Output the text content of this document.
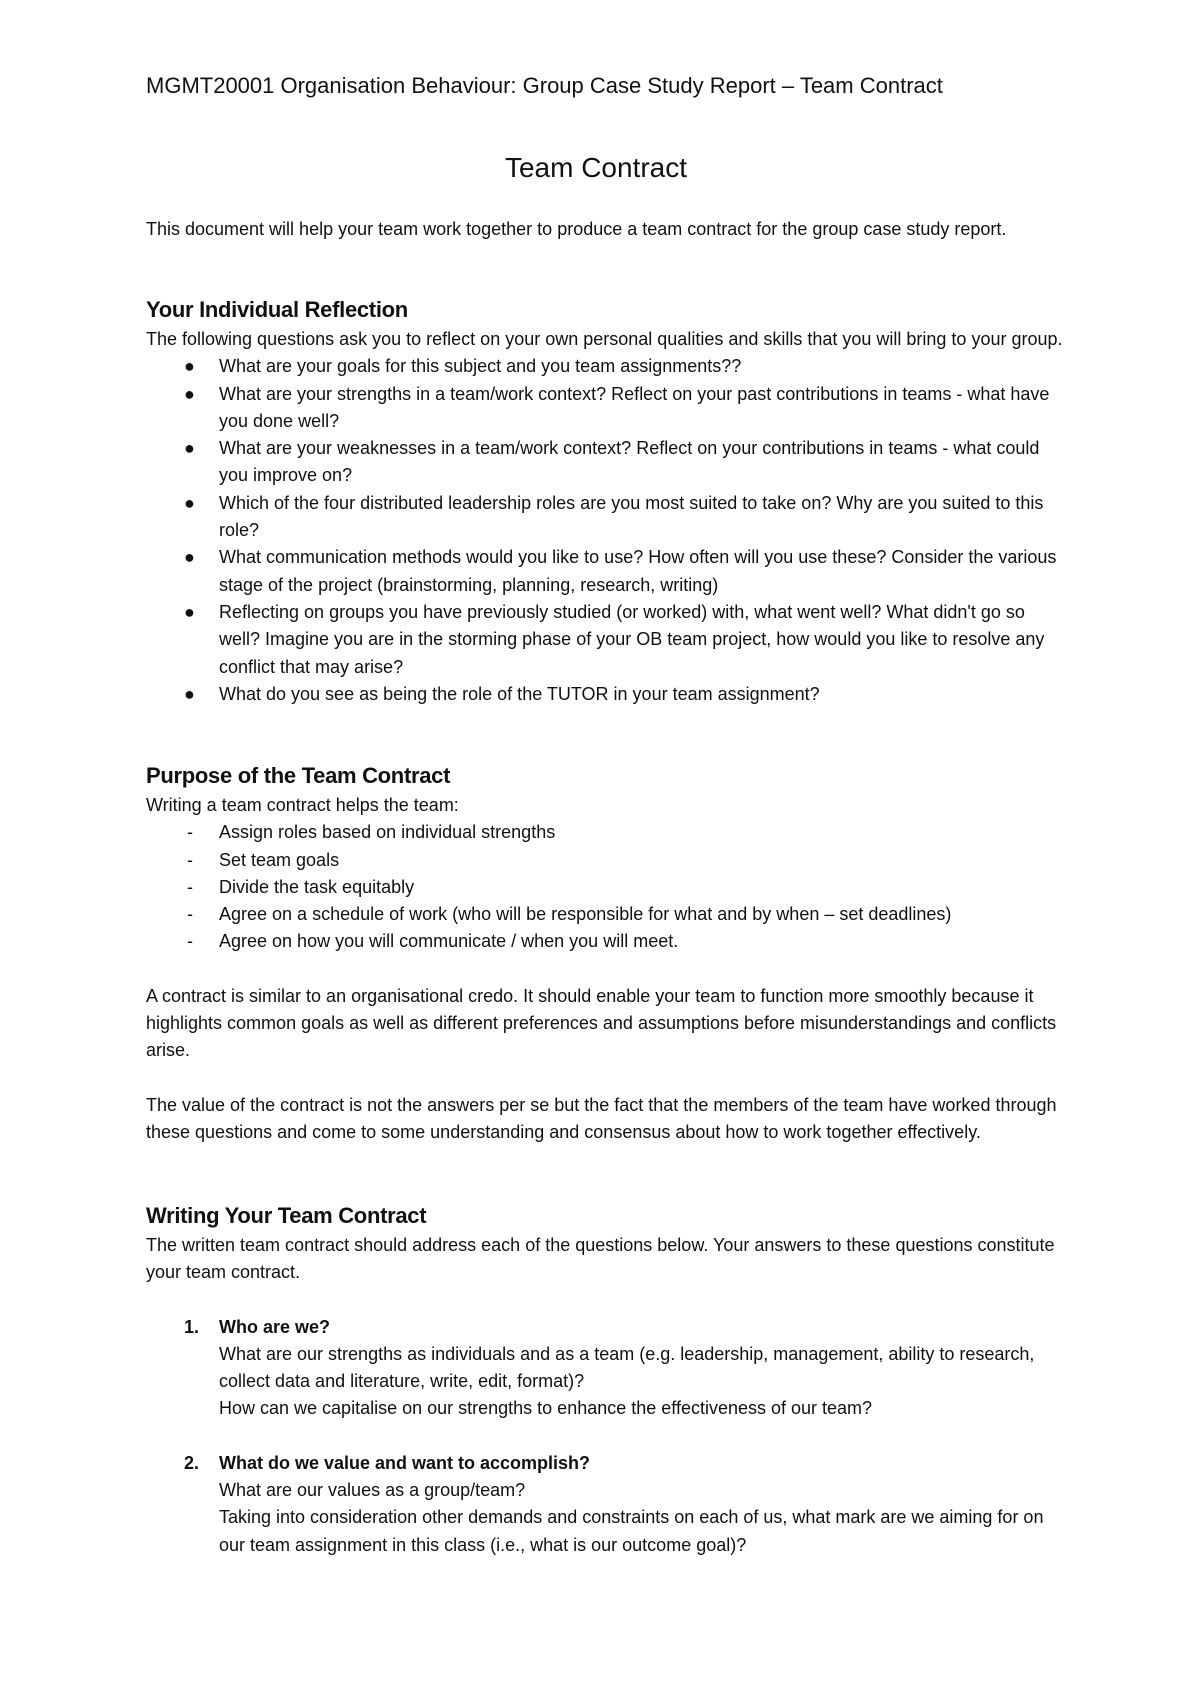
MGMT20001 Organisation Behaviour: Group Case Study Report – Team Contract
Team Contract

This document will help your team work together to produce a team contract for the group case study report.

Your Individual Reflection

The following questions ask you to reflect on your own personal qualities and skills that you will bring to your group.

● What are your goals for this subject and you team assignments??
● What are your strengths in a team/work context? Reflect on your past contributions in teams - what have you done well?
● What are your weaknesses in a team/work context? Reflect on your contributions in teams - what could you improve on?
● Which of the four distributed leadership roles are you most suited to take on? Why are you suited to this role?
● What communication methods would you like to use? How often will you use these? Consider the various stage of the project (brainstorming, planning, research, writing)
● Reflecting on groups you have previously studied (or worked) with, what went well? What didn't go so well? Imagine you are in the storming phase of your OB team project, how would you like to resolve any conflict that may arise?
● What do you see as being the role of the TUTOR in your team assignment?
Purpose of the Team Contract

Writing a team contract helps the team:

- Assign roles based on individual strengths
- Set team goals
- Divide the task equitably
- Agree on a schedule of work (who will be responsible for what and by when – set deadlines)
- Agree on how you will communicate / when you will meet.

A contract is similar to an organisational credo. It should enable your team to function more smoothly because it highlights common goals as well as different preferences and assumptions before misunderstandings and conflicts arise.

The value of the contract is not the answers per se but the fact that the members of the team have worked through these questions and come to some understanding and consensus about how to work together effectively.

Writing Your Team Contract

The written team contract should address each of the questions below. Your answers to these questions constitute your team contract.

1. Who are we?
What are our strengths as individuals and as a team (e.g. leadership, management, ability to research, collect data and literature, write, edit, format)?
How can we capitalise on our strengths to enhance the effectiveness of our team?
2. What do we value and want to accomplish?
What are our values as a group/team?
Taking into consideration other demands and constraints on each of us, what mark are we aiming for on our team assignment in this class (i.e., what is our outcome goal)?
